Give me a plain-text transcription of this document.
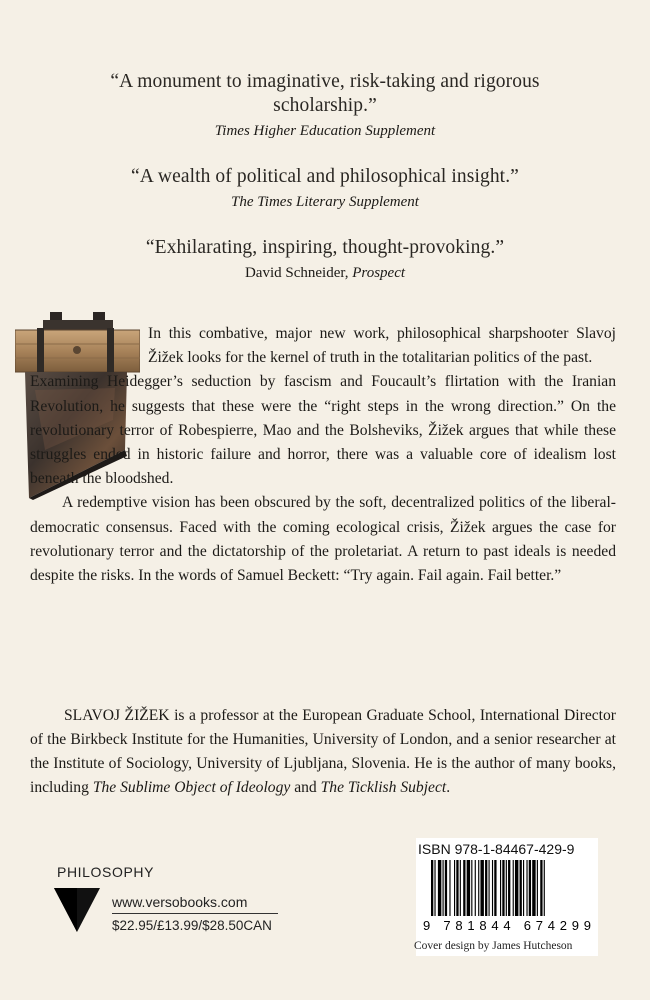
“A monument to imaginative, risk-taking and rigorous scholarship.”
Times Higher Education Supplement
“A wealth of political and philosophical insight.”
The Times Literary Supplement
“Exhilarating, inspiring, thought-provoking.”
David Schneider, Prospect

In this combative, major new work, philosophical sharpshooter Slavoj Žižek looks for the kernel of truth in the totalitarian politics of the past.

Examining Heidegger’s seduction by fascism and Foucault’s flirtation with the Iranian Revolution, he suggests that these were the “right steps in the wrong direction.” On the revolutionary terror of Robespierre, Mao and the Bolsheviks, Žižek argues that while these struggles ended in historic failure and horror, there was a valuable core of idealism lost beneath the bloodshed.

A redemptive vision has been obscured by the soft, decentralized politics of the liberal-democratic consensus. Faced with the coming ecological crisis, Žižek argues the case for revolutionary terror and the dictatorship of the proletariat. A return to past ideals is needed despite the risks. In the words of Samuel Beckett: “Try again. Fail again. Fail better.”

SLAVOJ ŽIŽEK is a professor at the European Graduate School, International Director of the Birkbeck Institute for the Humanities, University of London, and a senior researcher at the Institute of Sociology, University of Ljubljana, Slovenia. He is the author of many books, including The Sublime Object of Ideology and The Ticklish Subject.

PHILOSOPHY
www.versobooks.com
$22.95/£13.99/$28.50CAN
ISBN 978-1-84467-429-9
9 781844 674299
Cover design by James Hutcheson
